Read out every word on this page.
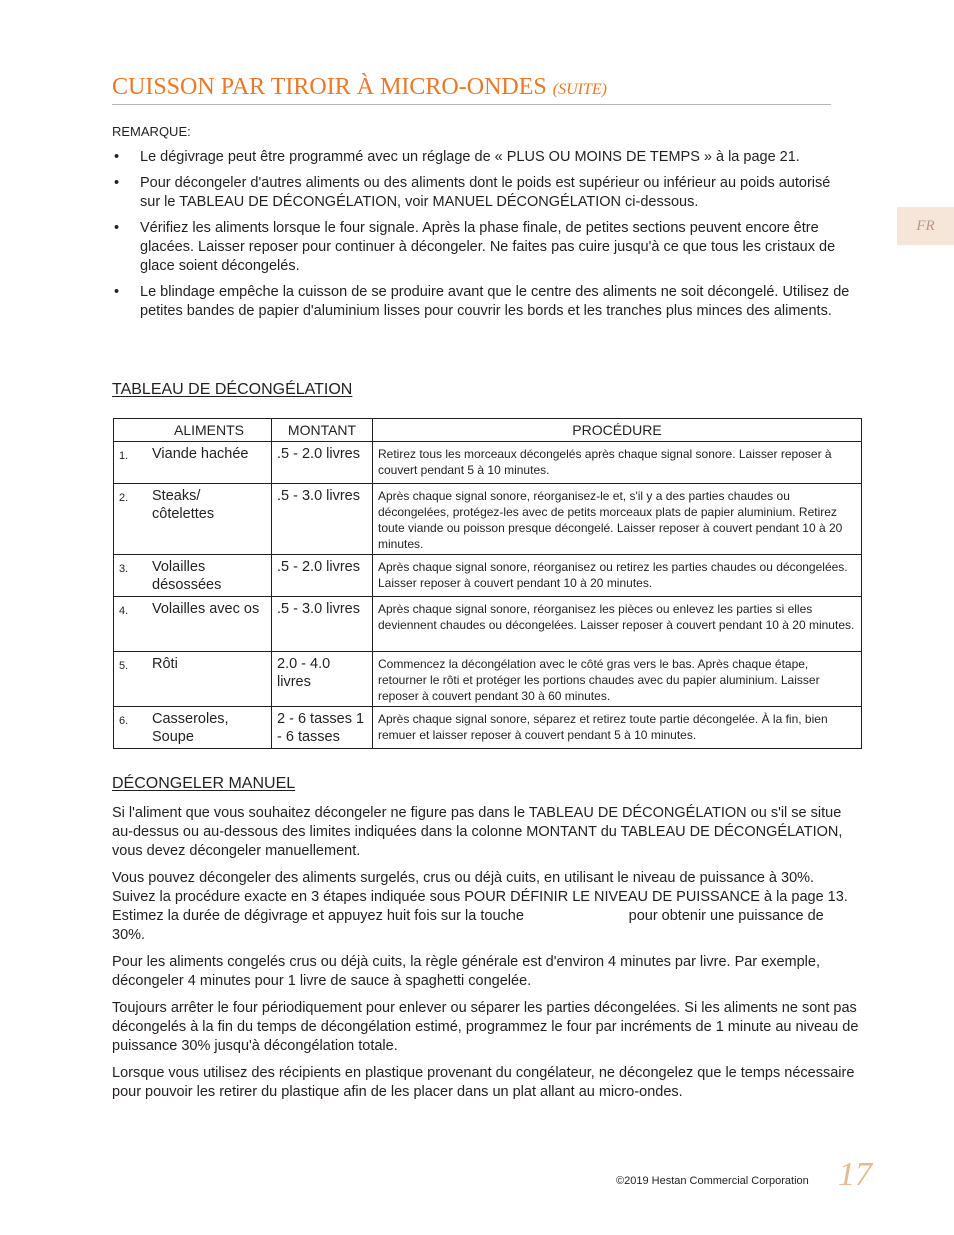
CUISSON PAR TIROIR À MICRO-ONDES (SUITE)
FR
REMARQUE:
• Le dégivrage peut être programmé avec un réglage de « PLUS OU MOINS DE TEMPS » à la page 21.
• Pour décongeler d'autres aliments ou des aliments dont le poids est supérieur ou inférieur au poids autorisé sur le TABLEAU DE DÉCONGÉLATION, voir MANUEL DÉCONGÉLATION ci-dessous.
• Vérifiez les aliments lorsque le four signale. Après la phase finale, de petites sections peuvent encore être glacées. Laisser reposer pour continuer à décongeler. Ne faites pas cuire jusqu'à ce que tous les cristaux de glace soient décongelés.
• Le blindage empêche la cuisson de se produire avant que le centre des aliments ne soit décongelé. Utilisez de petites bandes de papier d'aluminium lisses pour couvrir les bords et les tranches plus minces des aliments.
TABLEAU DE DÉCONGÉLATION
	ALIMENTS	MONTANT	PROCÉDURE
1.	Viande hachée	.5 - 2.0 livres	Retirez tous les morceaux décongelés après chaque signal sonore. Laisser reposer à couvert pendant 5 à 10 minutes.
2.	Steaks/ côtelettes	.5 - 3.0 livres	Après chaque signal sonore, réorganisez-le et, s'il y a des parties chaudes ou décongelées, protégez-les avec de petits morceaux plats de papier aluminium. Retirez toute viande ou poisson presque décongelé. Laisser reposer à couvert pendant 10 à 20 minutes.
3.	Volailles désossées	.5 - 2.0 livres	Après chaque signal sonore, réorganisez ou retirez les parties chaudes ou décongelées. Laisser reposer à couvert pendant 10 à 20 minutes.
4.	Volailles avec os	.5 - 3.0 livres	Après chaque signal sonore, réorganisez les pièces ou enlevez les parties si elles deviennent chaudes ou décongelées. Laisser reposer à couvert pendant 10 à 20 minutes.
5.	Rôti	2.0 - 4.0 livres	Commencez la décongélation avec le côté gras vers le bas. Après chaque étape, retourner le rôti et protéger les portions chaudes avec du papier aluminium. Laisser reposer à couvert pendant 30 à 60 minutes.
6.	Casseroles, Soupe	2 - 6 tasses 1 - 6 tasses	Après chaque signal sonore, séparez et retirez toute partie décongelée. À la fin, bien remuer et laisser reposer à couvert pendant 5 à 10 minutes.
DÉCONGELER MANUEL

Si l'aliment que vous souhaitez décongeler ne figure pas dans le TABLEAU DE DÉCONGÉLATION ou s'il se situe au-dessus ou au-dessous des limites indiquées dans la colonne MONTANT du TABLEAU DE DÉCONGÉLATION, vous devez décongeler manuellement.

Vous pouvez décongeler des aliments surgelés, crus ou déjà cuits, en utilisant le niveau de puissance à 30%.  Suivez la procédure exacte en 3 étapes indiquée sous POUR DÉFINIR LE NIVEAU DE PUISSANCE à la page 13.  Estimez la durée de dégivrage et appuyez huit fois sur la touche                          pour obtenir une puissance de 30%.

Pour les aliments congelés crus ou déjà cuits, la règle générale est d'environ 4 minutes par livre. Par exemple, décongeler 4 minutes pour 1 livre de sauce à spaghetti congelée.

Toujours arrêter le four périodiquement pour enlever ou séparer les parties décongelées. Si les aliments ne sont pas décongelés à la fin du temps de décongélation estimé, programmez le four par incréments de 1 minute au niveau de puissance 30% jusqu'à décongélation totale.

Lorsque vous utilisez des récipients en plastique provenant du congélateur, ne décongelez que le temps nécessaire pour pouvoir les retirer du plastique afin de les placer dans un plat allant au micro-ondes.

©2019 Hestan Commercial Corporation 17
